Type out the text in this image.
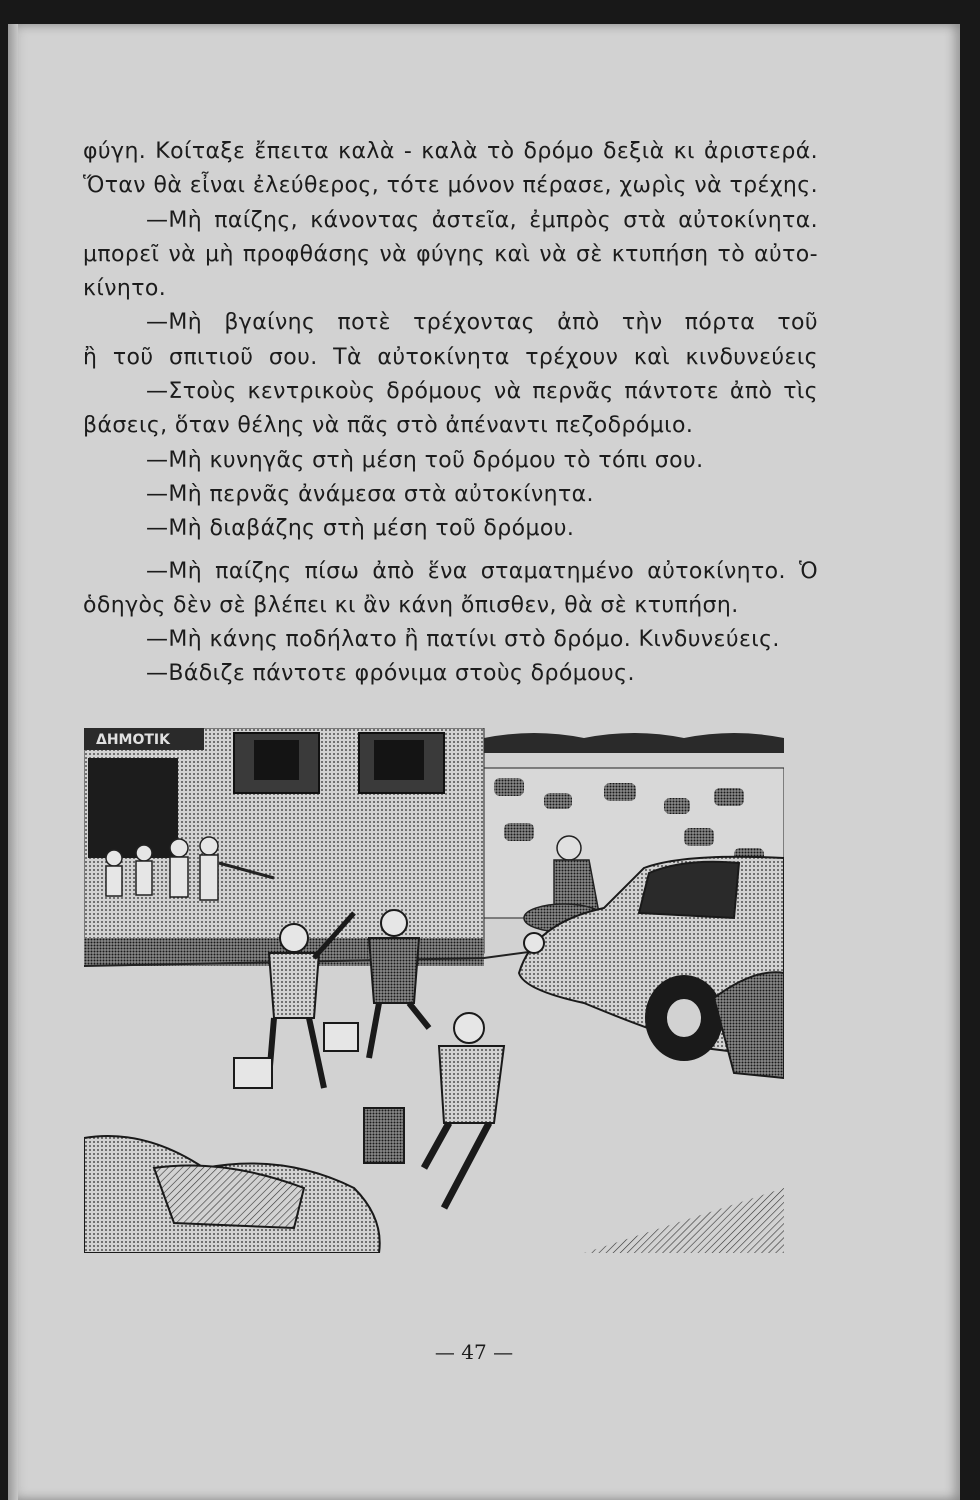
φύγη. Κοίταξε ἔπειτα καλὰ - καλὰ τὸ δρόμο δεξιὰ κι ἀριστερά.
Ὅταν θὰ εἶναι ἐλεύθερος, τότε μόνον πέρασε, χωρὶς νὰ τρέχης.
—Μὴ παίζης, κάνοντας ἀστεῖα, ἐμπρὸς στὰ αὐτοκίνητα.
μπορεῖ νὰ μὴ προφθάσης νὰ φύγης καὶ νὰ σὲ κτυπήση τὸ αὐτο-
κίνητο.
—Μὴ βγαίνης ποτὲ τρέχοντας ἀπὸ τὴν πόρτα τοῦ
ἢ τοῦ σπιτιοῦ σου. Τὰ αὐτοκίνητα τρέχουν καὶ κινδυνεύεις
—Στοὺς κεντρικοὺς δρόμους νὰ περνᾶς πάντοτε ἀπὸ τὶς
βάσεις, ὅταν θέλης νὰ πᾶς στὸ ἀπέναντι πεζοδρόμιο.
—Μὴ κυνηγᾶς στὴ μέση τοῦ δρόμου τὸ τόπι σου.
—Μὴ περνᾶς ἀνάμεσα στὰ αὐτοκίνητα.
—Μὴ διαβάζης στὴ μέση τοῦ δρόμου.
—Μὴ παίζης πίσω ἀπὸ ἕνα σταματημένο αὐτοκίνητο. Ὁ
ὁδηγὸς δὲν σὲ βλέπει κι ἂν κάνη ὄπισθεν, θὰ σὲ κτυπήση.
—Μὴ κάνης ποδήλατο ἢ πατίνι στὸ δρόμο. Κινδυνεύεις.
—Βάδιζε πάντοτε φρόνιμα στοὺς δρόμους.
ΔΗΜΟΤΙΚ
— 47 —
